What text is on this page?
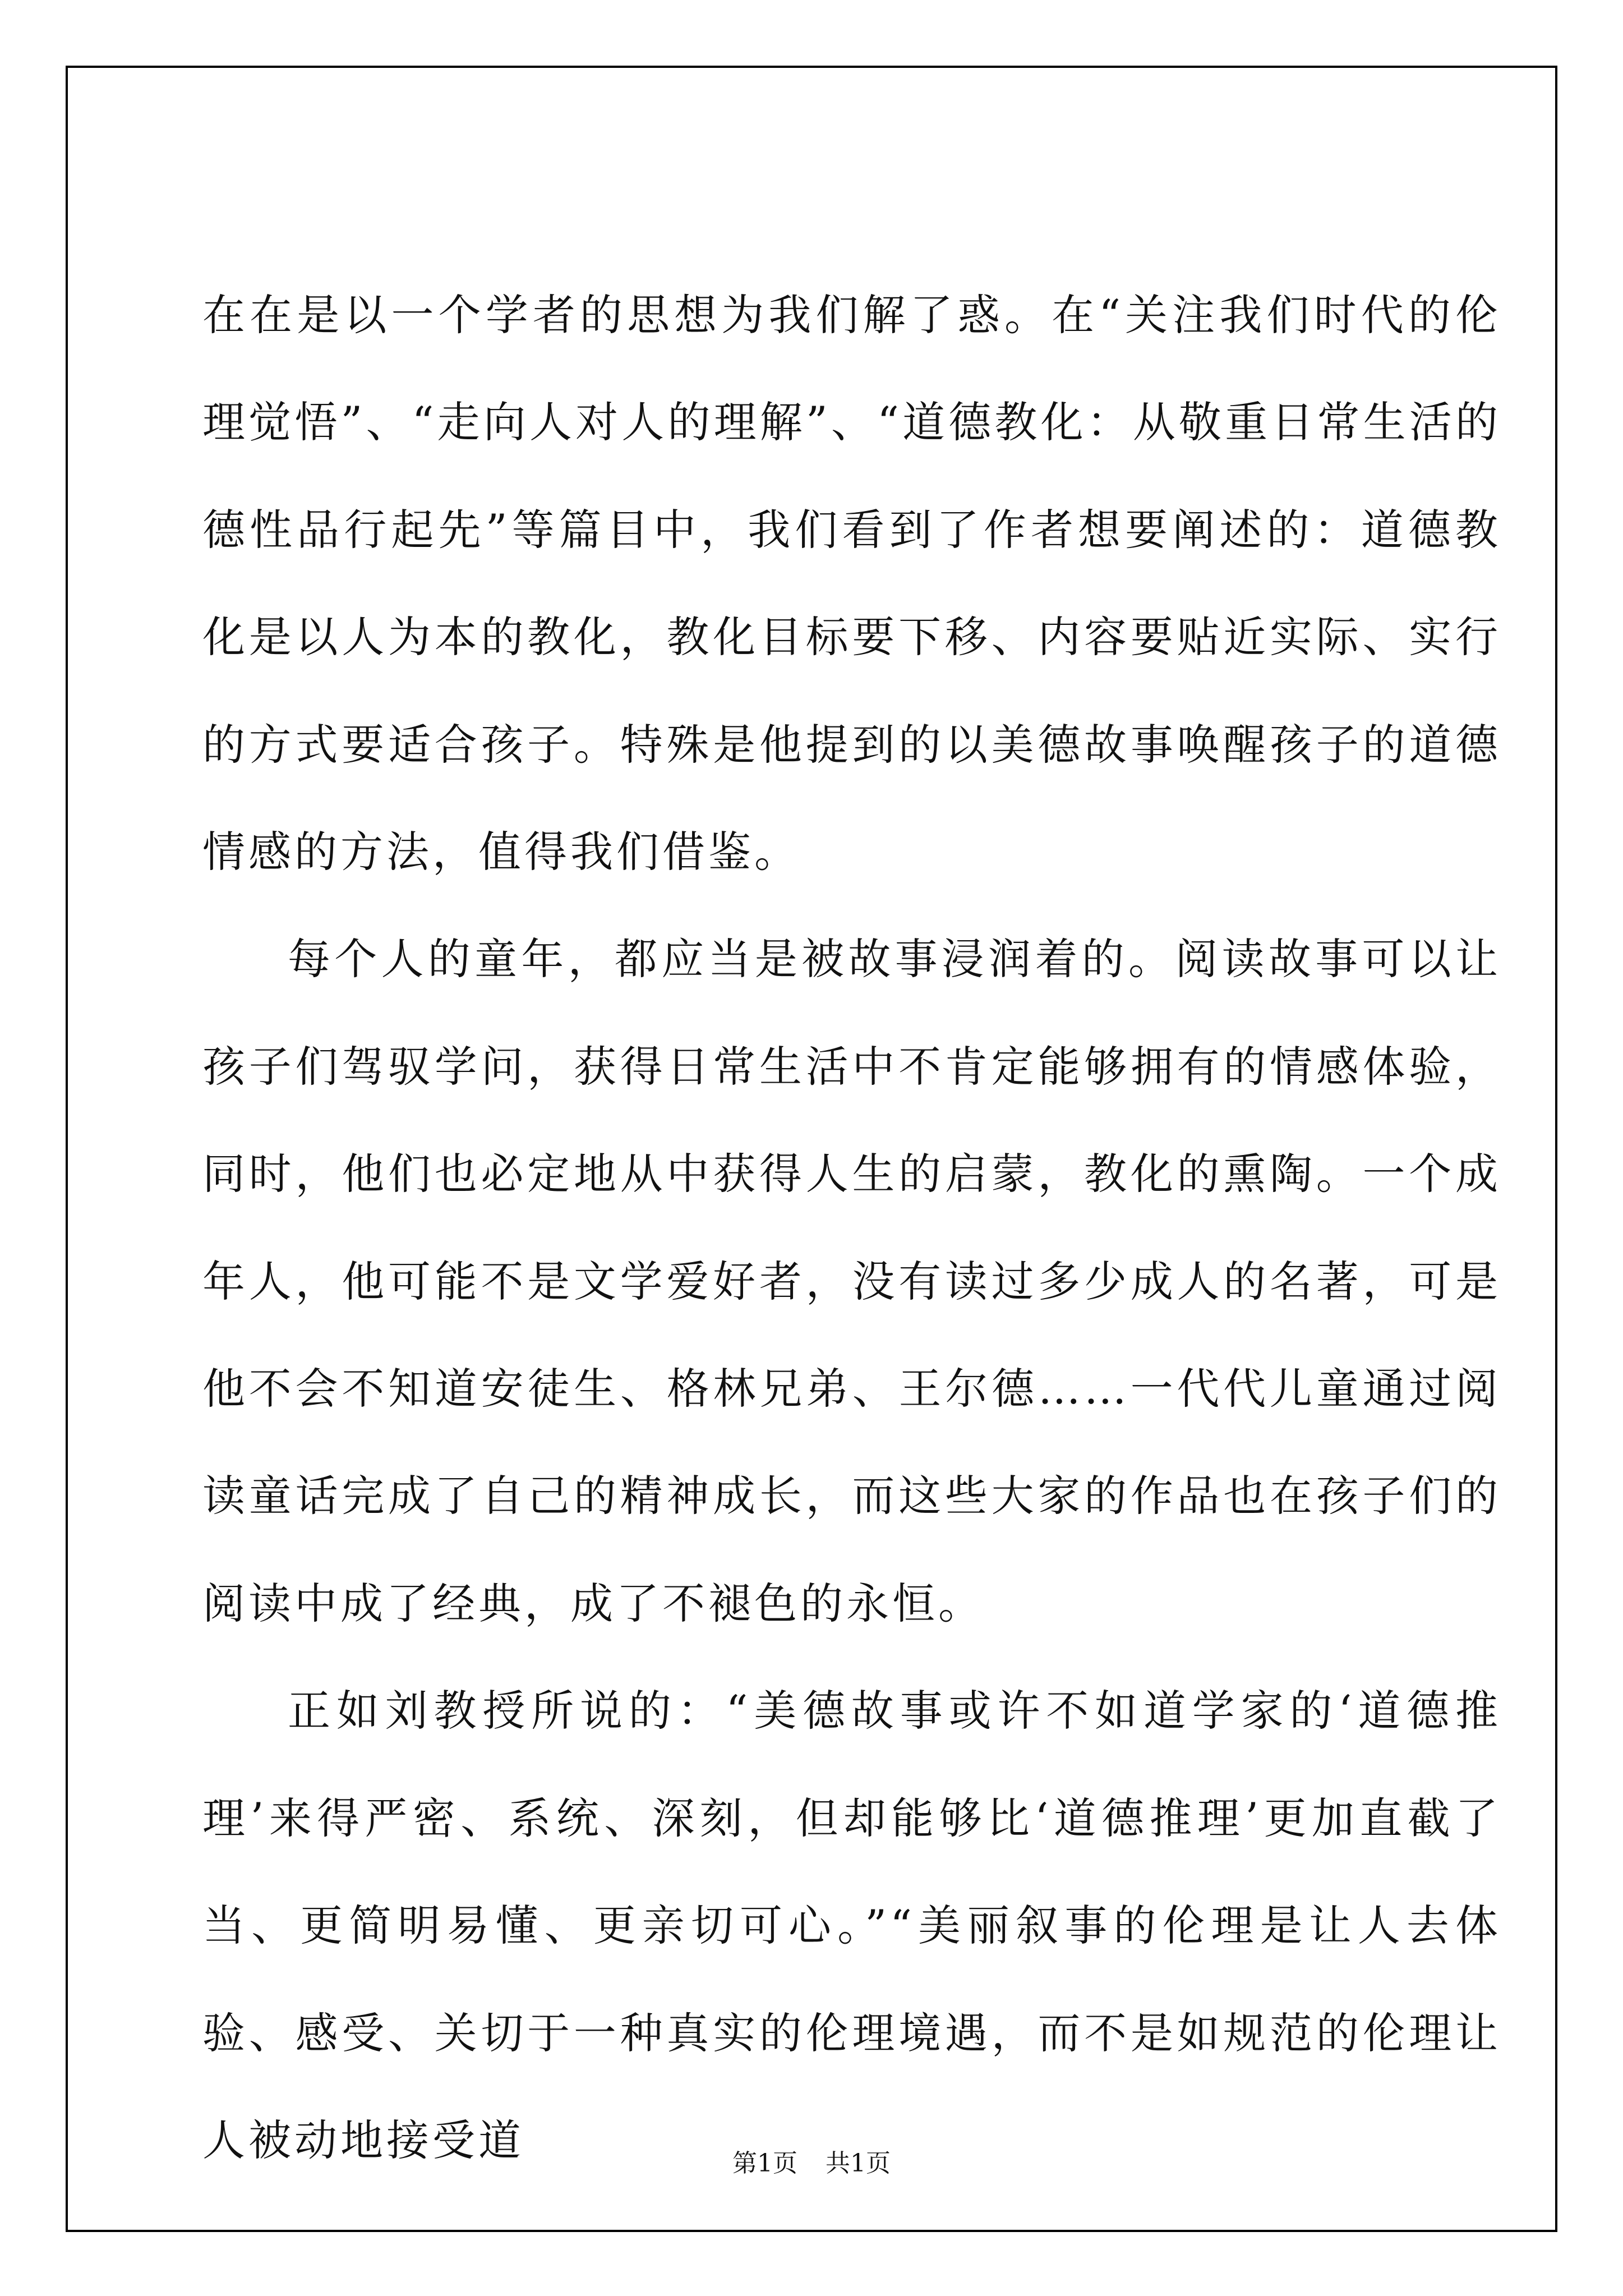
在在是以一个学者的思想为我们解了惑。在“关注我们时代的伦理觉悟”、“走向人对人的理解”、“道德教化：从敬重日常生活的德性品行起先”等篇目中，我们看到了作者想要阐述的：道德教化是以人为本的教化，教化目标要下移、内容要贴近实际、实行的方式要适合孩子。特殊是他提到的以美德故事唤醒孩子的道德情感的方法，值得我们借鉴。

每个人的童年，都应当是被故事浸润着的。阅读故事可以让孩子们驾驭学问，获得日常生活中不肯定能够拥有的情感体验，同时，他们也必定地从中获得人生的启蒙，教化的熏陶。一个成年人，他可能不是文学爱好者，没有读过多少成人的名著，可是他不会不知道安徒生、格林兄弟、王尔德……一代代儿童通过阅读童话完成了自己的精神成长，而这些大家的作品也在孩子们的阅读中成了经典，成了不褪色的永恒。

正如刘教授所说的：“美德故事或许不如道学家的‘道德推理’来得严密、系统、深刻，但却能够比‘道德推理’更加直截了当、更简明易懂、更亲切可心。”“美丽叙事的伦理是让人去体验、感受、关切于一种真实的伦理境遇，而不是如规范的伦理让人被动地接受道	第1页 共1页
